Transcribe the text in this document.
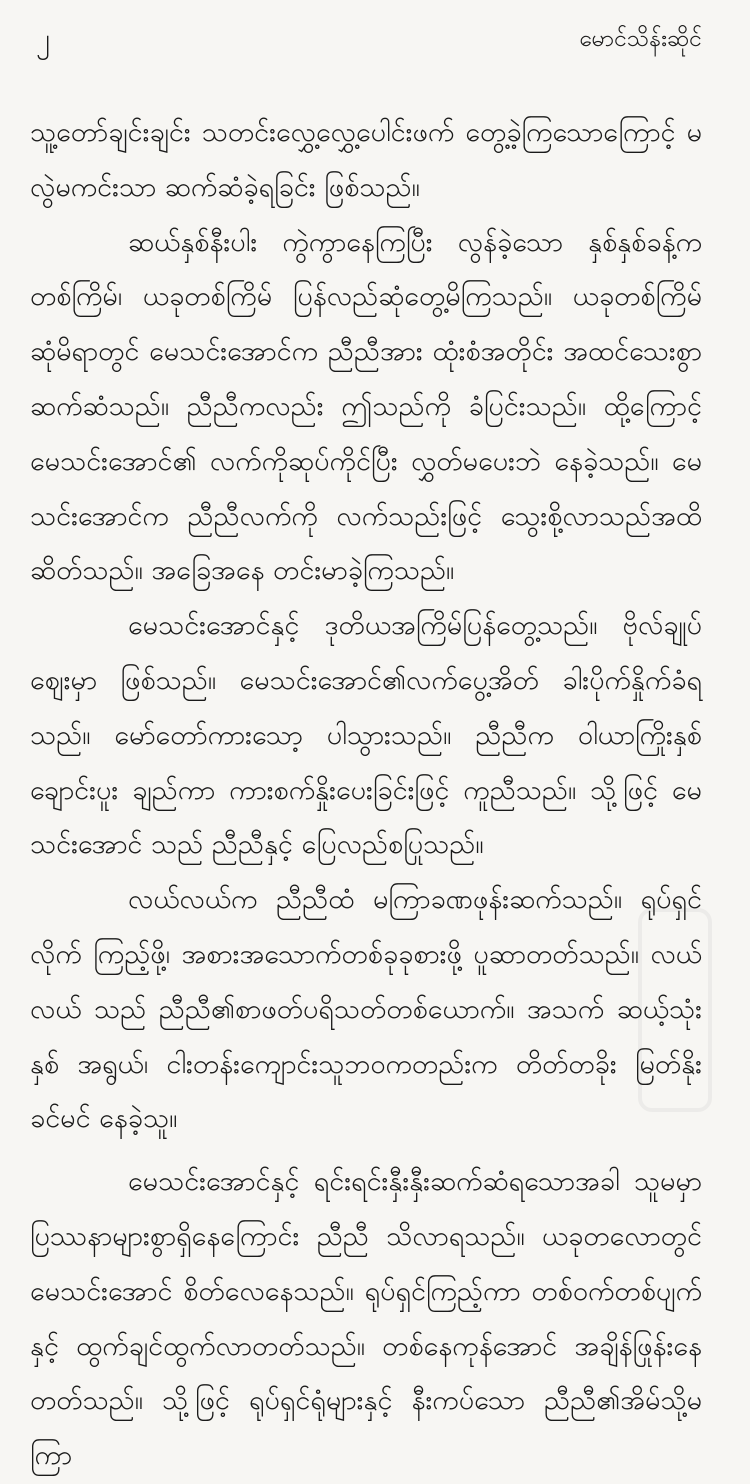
၂	မောင်သိန်းဆိုင်

သူ့တော်ချင်းချင်း သတင်းလွှေ့လွှေ့ပေါင်းဖက် တွေ့ခဲ့ကြသောကြောင့် မလွဲမကင်းသာ ဆက်ဆံခဲ့ရခြင်း ဖြစ်သည်။

ဆယ်နှစ်နီးပါး ကွဲကွာနေကြပြီး လွန်ခဲ့သော နှစ်နှစ်ခန့်က တစ်ကြိမ်၊ ယခုတစ်ကြိမ် ပြန်လည်ဆုံတွေ့မိကြသည်။ ယခုတစ်ကြိမ် ဆုံမိရာတွင် မေသင်းအောင်က ညီညီအား ထုံးစံအတိုင်း အထင်သေးစွာ ဆက်ဆံသည်။ ညီညီကလည်း ဤသည်ကို ခံပြင်းသည်။ ထို့ကြောင့် မေသင်းအောင်၏ လက်ကိုဆုပ်ကိုင်ပြီး လွှတ်မပေးဘဲ နေခဲ့သည်။ မေသင်းအောင်က ညီညီလက်ကို လက်သည်းဖြင့် သွေးစို့လာသည်အထိ ဆိတ်သည်။ အခြေအနေ တင်းမာခဲ့ကြသည်။

မေသင်းအောင်နှင့် ဒုတိယအကြိမ်ပြန်တွေ့သည်။ ဗိုလ်ချုပ်ဈေးမှာ ဖြစ်သည်။ မေသင်းအောင်၏လက်ပွေ့အိတ် ခါးပိုက်နှိုက်ခံရသည်။ မော်တော်ကားသော့ ပါသွားသည်။ ညီညီက ဝါယာကြိုးနှစ်ချောင်းပူး ချည်ကာ ကားစက်နှိုးပေးခြင်းဖြင့် ကူညီသည်။ သို့ဖြင့် မေသင်းအောင် သည် ညီညီနှင့် ပြေလည်စပြုသည်။

လယ်လယ်က ညီညီထံ မကြာခဏဖုန်းဆက်သည်။ ရုပ်ရှင်လိုက် ကြည့်ဖို့၊ အစားအသောက်တစ်ခုခုစားဖို့ ပူဆာတတ်သည်။ လယ်လယ် သည် ညီညီ၏စာဖတ်ပရိသတ်တစ်ယောက်။ အသက် ဆယ့်သုံးနှစ် အရွယ်၊ ငါးတန်းကျောင်းသူဘဝကတည်းက တိတ်တခိုး မြတ်နိုးခင်မင် နေခဲ့သူ။

မေသင်းအောင်နှင့် ရင်းရင်းနှီးနှီးဆက်ဆံရသောအခါ သူမမှာ ပြဿနာများစွာရှိနေကြောင်း ညီညီ သိလာရသည်။ ယခုတလောတွင် မေသင်းအောင် စိတ်လေနေသည်။ ရုပ်ရှင်ကြည့်ကာ တစ်ဝက်တစ်ပျက် နှင့် ထွက်ချင်ထွက်လာတတ်သည်။ တစ်နေကုန်အောင် အချိန်ဖြုန်းနေ တတ်သည်။ သို့ဖြင့် ရုပ်ရှင်ရုံများနှင့် နီးကပ်သော ညီညီ၏အိမ်သို့မကြာ
